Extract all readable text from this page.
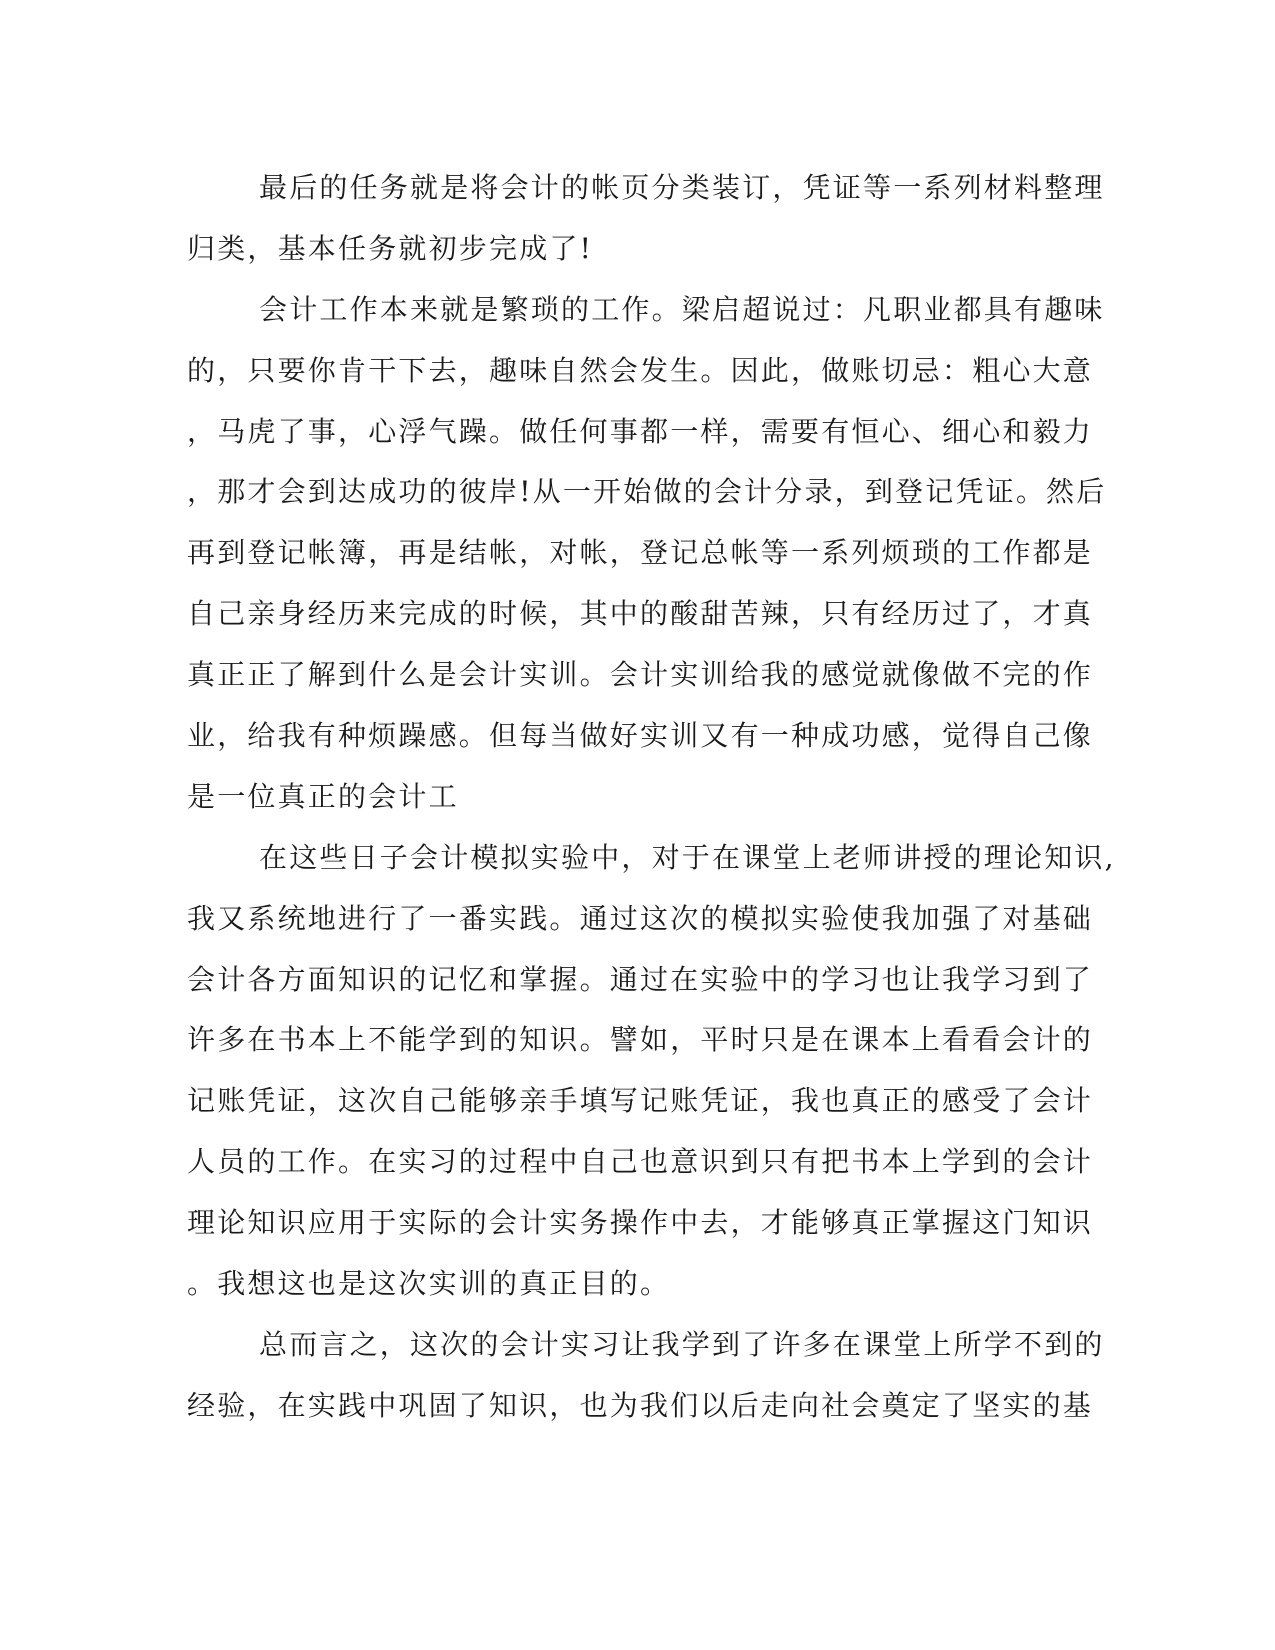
最后的任务就是将会计的帐页分类装订，凭证等一系列材料整理
归类，基本任务就初步完成了!
会计工作本来就是繁琐的工作。梁启超说过：凡职业都具有趣味
的，只要你肯干下去，趣味自然会发生。因此，做账切忌：粗心大意
，马虎了事，心浮气躁。做任何事都一样，需要有恒心、细心和毅力
，那才会到达成功的彼岸!从一开始做的会计分录，到登记凭证。然后
再到登记帐簿，再是结帐，对帐，登记总帐等一系列烦琐的工作都是
自己亲身经历来完成的时候，其中的酸甜苦辣，只有经历过了，才真
真正正了解到什么是会计实训。会计实训给我的感觉就像做不完的作
业，给我有种烦躁感。但每当做好实训又有一种成功感，觉得自己像
是一位真正的会计工
在这些日子会计模拟实验中，对于在课堂上老师讲授的理论知识,
我又系统地进行了一番实践。通过这次的模拟实验使我加强了对基础
会计各方面知识的记忆和掌握。通过在实验中的学习也让我学习到了
许多在书本上不能学到的知识。譬如，平时只是在课本上看看会计的
记账凭证，这次自己能够亲手填写记账凭证，我也真正的感受了会计
人员的工作。在实习的过程中自己也意识到只有把书本上学到的会计
理论知识应用于实际的会计实务操作中去，才能够真正掌握这门知识
。我想这也是这次实训的真正目的。
总而言之，这次的会计实习让我学到了许多在课堂上所学不到的
经验，在实践中巩固了知识，也为我们以后走向社会奠定了坚实的基
